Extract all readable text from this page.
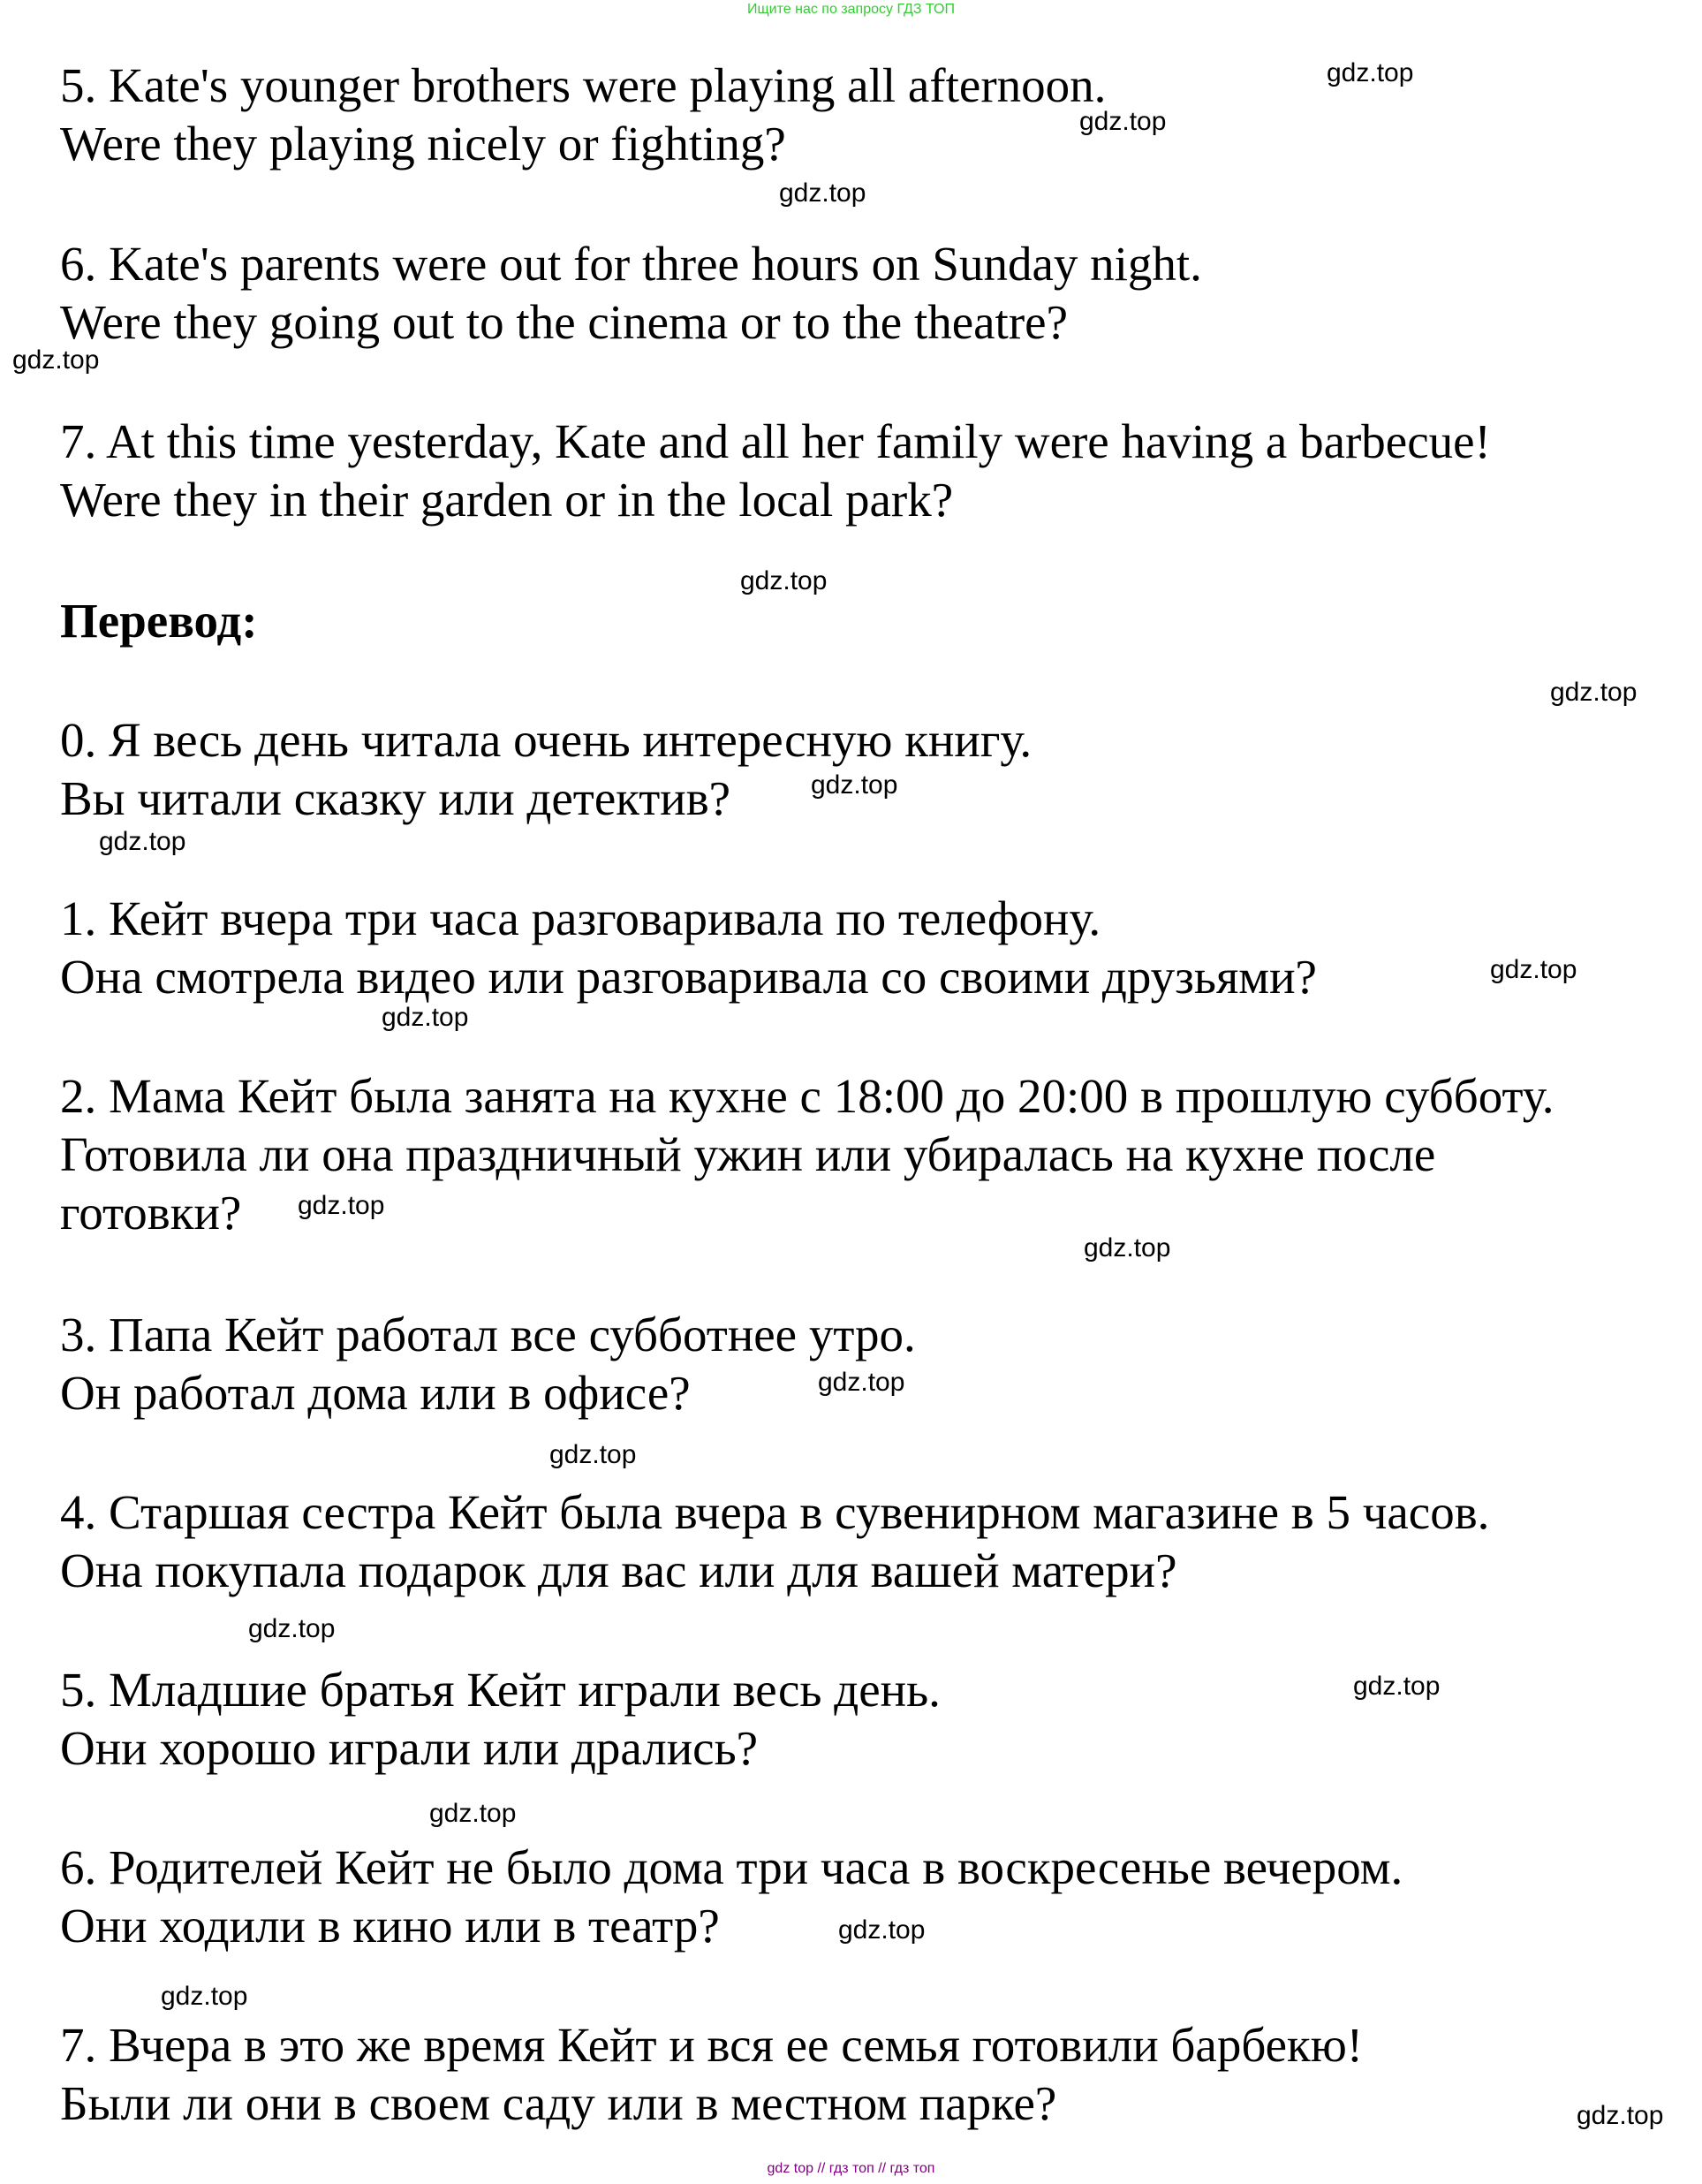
Ищите нас по запросу ГДЗ ТОП
5. Kate's younger brothers were playing all afternoon.
Were they playing nicely or fighting?
6. Kate's parents were out for three hours on Sunday night.
Were they going out to the cinema or to the theatre?
7. At this time yesterday, Kate and all her family were having a barbecue!
Were they in their garden or in the local park?
Перевод:
0. Я весь день читала очень интересную книгу.
Вы читали сказку или детектив?
1. Кейт вчера три часа разговаривала по телефону.
Она смотрела видео или разговаривала со своими друзьями?
2. Мама Кейт была занята на кухне с 18:00 до 20:00 в прошлую субботу.
Готовила ли она праздничный ужин или убиралась на кухне после
готовки?
3. Папа Кейт работал все субботнее утро.
Он работал дома или в офисе?
4. Старшая сестра Кейт была вчера в сувенирном магазине в 5 часов.
Она покупала подарок для вас или для вашей матери?
5. Младшие братья Кейт играли весь день.
Они хорошо играли или дрались?
6. Родителей Кейт не было дома три часа в воскресенье вечером.
Они ходили в кино или в театр?
7. Вчера в это же время Кейт и вся ее семья готовили барбекю!
Были ли они в своем саду или в местном парке?
gdz.top
gdz.top
gdz.top
gdz.top
gdz.top
gdz.top
gdz.top
gdz.top
gdz.top
gdz.top
gdz.top
gdz.top
gdz.top
gdz.top
gdz.top
gdz.top
gdz.top
gdz.top
gdz.top
gdz.top
gdz top // гдз топ // гдз топ
